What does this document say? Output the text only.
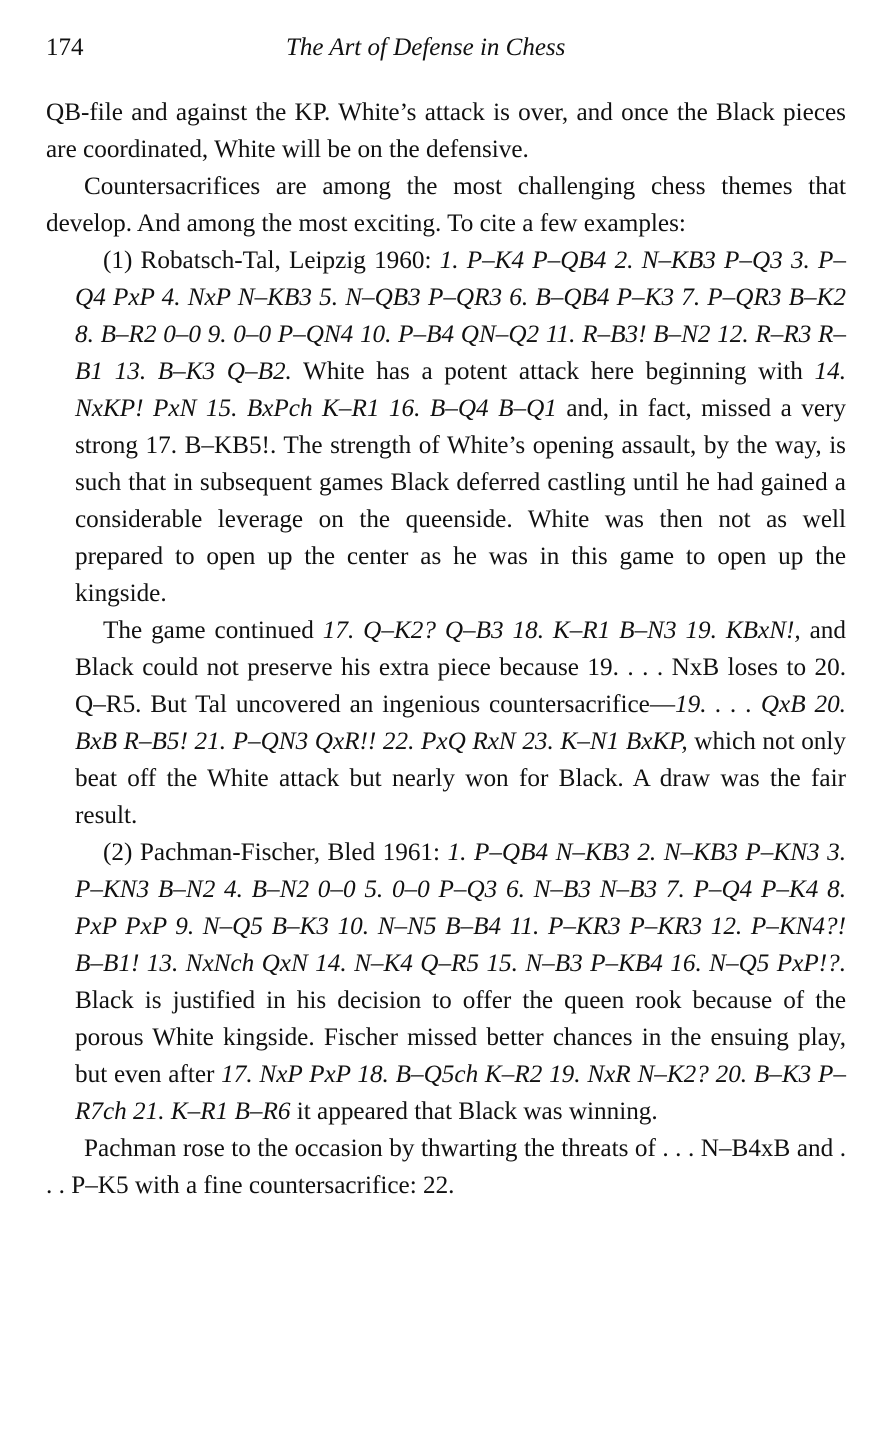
174	The Art of Defense in Chess

QB-file and against the KP. White’s attack is over, and once the Black pieces are coordinated, White will be on the defensive.

Countersacrifices are among the most challenging chess themes that develop. And among the most exciting. To cite a few examples:

(1) Robatsch-Tal, Leipzig 1960: 1. P–K4 P–QB4 2. N–KB3 P–Q3 3. P–Q4 PxP 4. NxP N–KB3 5. N–QB3 P–QR3 6. B–QB4 P–K3 7. P–QR3 B–K2 8. B–R2 0–0 9. 0–0 P–QN4 10. P–B4 QN–Q2 11. R–B3! B–N2 12. R–R3 R–B1 13. B–K3 Q–B2. White has a potent attack here beginning with 14. NxKP! PxN 15. BxPch K–R1 16. B–Q4 B–Q1 and, in fact, missed a very strong 17. B–KB5!. The strength of White’s opening assault, by the way, is such that in subsequent games Black deferred castling until he had gained a considerable leverage on the queenside. White was then not as well prepared to open up the center as he was in this game to open up the kingside.

The game continued 17. Q–K2? Q–B3 18. K–R1 B–N3 19. KBxN!, and Black could not preserve his extra piece because 19. . . . NxB loses to 20. Q–R5. But Tal uncovered an ingenious countersacrifice—19. . . . QxB 20. BxB R–B5! 21. P–QN3 QxR!! 22. PxQ RxN 23. K–N1 BxKP, which not only beat off the White attack but nearly won for Black. A draw was the fair result.

(2) Pachman-Fischer, Bled 1961: 1. P–QB4 N–KB3 2. N–KB3 P–KN3 3. P–KN3 B–N2 4. B–N2 0–0 5. 0–0 P–Q3 6. N–B3 N–B3 7. P–Q4 P–K4 8. PxP PxP 9. N–Q5 B–K3 10. N–N5 B–B4 11. P–KR3 P–KR3 12. P–KN4?! B–B1! 13. NxNch QxN 14. N–K4 Q–R5 15. N–B3 P–KB4 16. N–Q5 PxP!?. Black is justified in his decision to offer the queen rook because of the porous White kingside. Fischer missed better chances in the ensuing play, but even after 17. NxP PxP 18. B–Q5ch K–R2 19. NxR N–K2? 20. B–K3 P–R7ch 21. K–R1 B–R6 it appeared that Black was winning.

Pachman rose to the occasion by thwarting the threats of . . . N–B4xB and . . . P–K5 with a fine countersacrifice: 22.
